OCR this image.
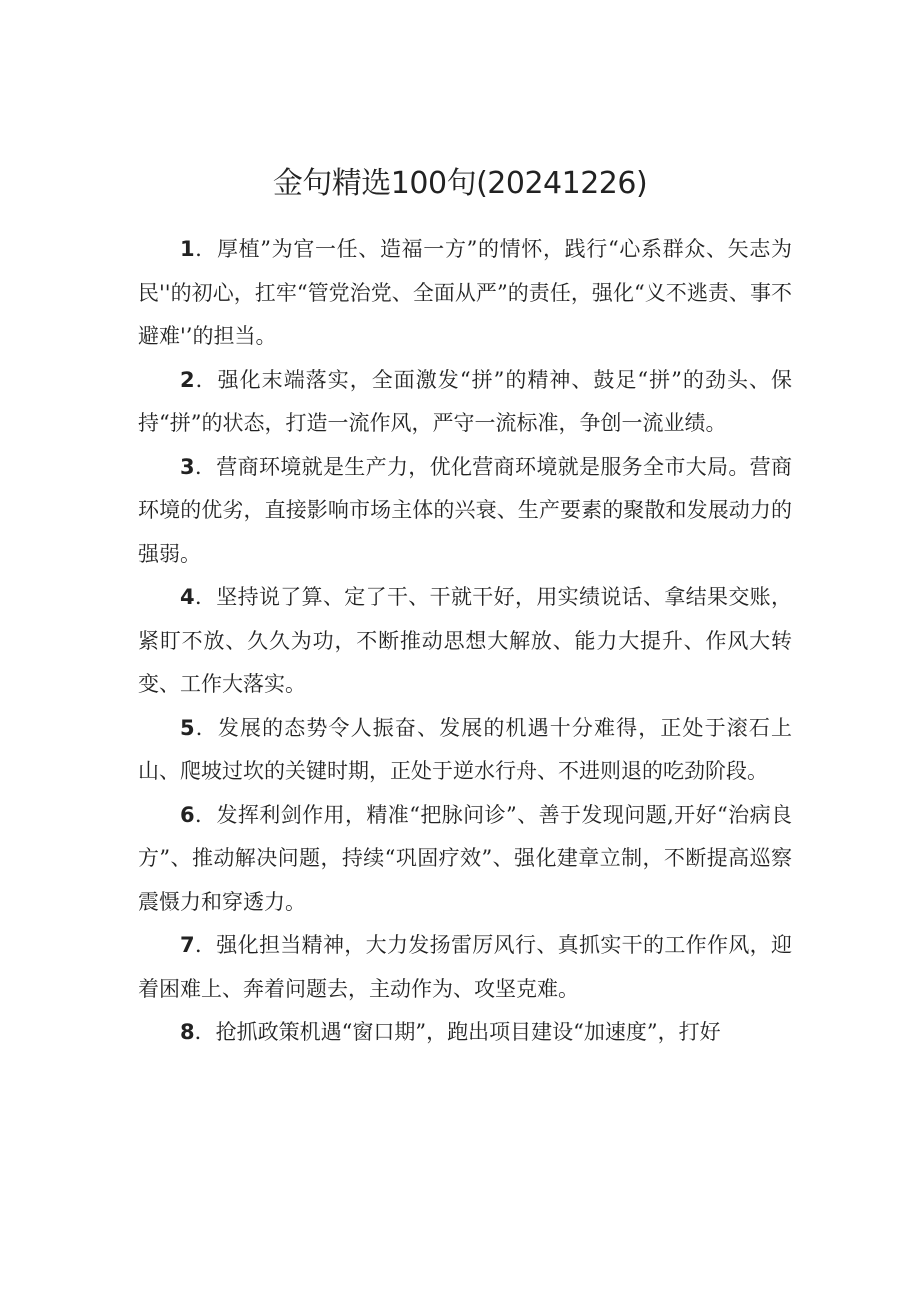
金句精选100句(20241226)

1．厚植”为官一任、造福一方”的情怀，践行“心系群众、矢志为民''的初心，扛牢“管党治党、全面从严”的责任，强化“义不逃责、事不避难'’的担当。

2．强化末端落实，全面激发“拼”的精神、鼓足“拼”的劲头、保持“拼”的状态，打造一流作风，严守一流标准，争创一流业绩。

3．营商环境就是生产力，优化营商环境就是服务全市大局。营商环境的优劣，直接影响市场主体的兴衰、生产要素的聚散和发展动力的强弱。

4．坚持说了算、定了干、干就干好，用实绩说话、拿结果交账，紧盯不放、久久为功，不断推动思想大解放、能力大提升、作风大转变、工作大落实。

5．发展的态势令人振奋、发展的机遇十分难得，正处于滚石上山、爬坡过坎的关键时期，正处于逆水行舟、不进则退的吃劲阶段。

6．发挥利剑作用，精准“把脉问诊”、善于发现问题,开好“治病良方”、推动解决问题，持续“巩固疗效”、强化建章立制，不断提高巡察震慑力和穿透力。

7．强化担当精神，大力发扬雷厉风行、真抓实干的工作作风，迎着困难上、奔着问题去，主动作为、攻坚克难。

8．抢抓政策机遇“窗口期”，跑出项目建设“加速度”，打好
